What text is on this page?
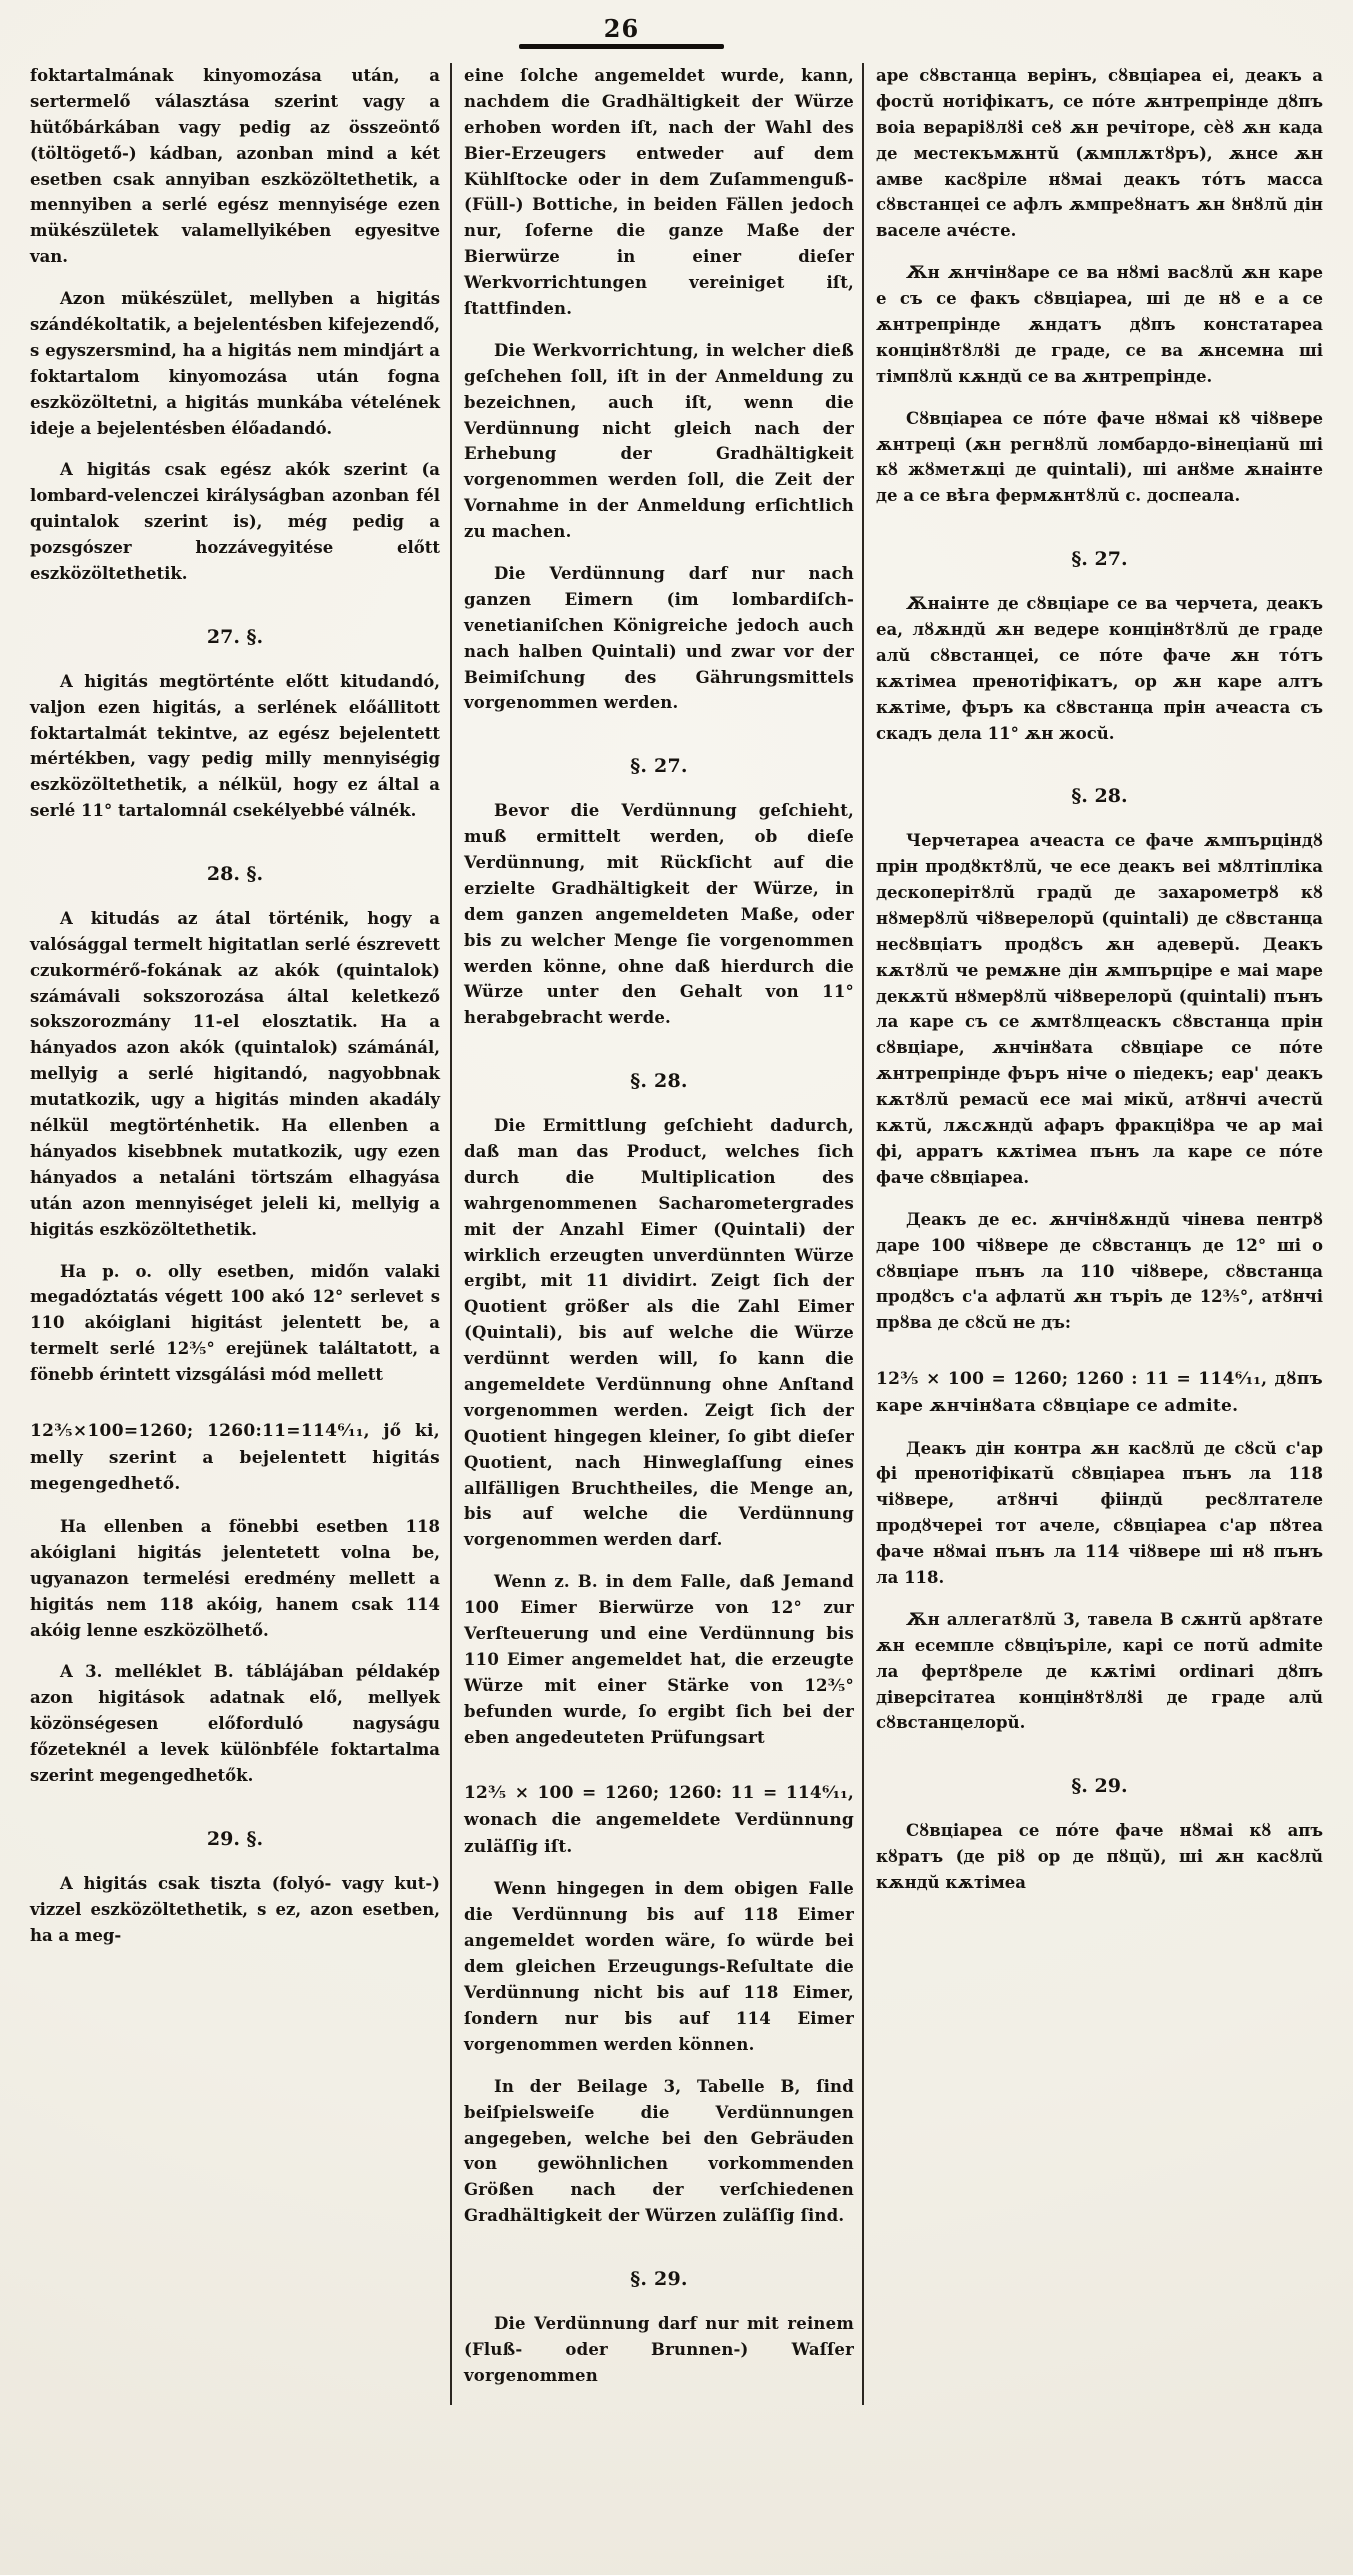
26

foktartalmának kinyomozása után, a sertermelő választása szerint vagy a hütőbárkában vagy pedig az összeöntő (töltögető-) kádban, azonban mind a két esetben csak annyiban eszközöltethetik, a mennyiben a serlé egész mennyisége ezen mükészületek valamellyikében egyesitve van.

Azon mükészület, mellyben a higitás szándékoltatik, a bejelentésben kifejezendő, s egyszersmind, ha a higitás nem mindjárt a foktartalom kinyomozása után fogna eszközöltetni, a higitás munkába vételének ideje a bejelentésben élőadandó.

A higitás csak egész akók szerint (a lombard-velenczei királyságban azonban fél quintalok szerint is), még pedig a pozsgószer hozzávegyitése előtt eszközöltethetik.

27. §.

A higitás megtörténte előtt kitudandó, valjon ezen higitás, a serlének előállitott foktartalmát tekintve, az egész bejelentett mértékben, vagy pedig milly mennyiségig eszközöltethetik, a nélkül, hogy ez által a serlé 11° tartalomnál csekélyebbé válnék.

28. §.

A kitudás az átal történik, hogy a valósággal termelt higitatlan serlé észrevett czukormérő-fokának az akók (quintalok) számávali sokszorozása által keletkező sokszorozmány 11-el elosztatik. Ha a hányados azon akók (quintalok) számánál, mellyig a serlé higitandó, nagyobbnak mutatkozik, ugy a higitás minden akadály nélkül megtörténhetik. Ha ellenben a hányados kisebbnek mutatkozik, ugy ezen hányados a netaláni törtszám elhagyása után azon mennyiséget jeleli ki, mellyig a higitás eszközöltethetik.

Ha p. o. olly esetben, midőn valaki megadóztatás végett 100 akó 12° serlevet s 110 akóiglani higitást jelentett be, a termelt serlé 12³⁄₅° erejünek találtatott, a fönebb érintett vizsgálási mód mellett

12³⁄₅×100=1260; 1260:11=114⁶⁄₁₁, jő ki, melly szerint a bejelentett higitás megengedhető.

Ha ellenben a fönebbi esetben 118 akóiglani higitás jelentetett volna be, ugyanazon termelési eredmény mellett a higitás nem 118 akóig, hanem csak 114 akóig lenne eszközölhető.

A 3. melléklet B. táblájában példakép azon higitások adatnak elő, mellyek közönségesen előforduló nagyságu főzeteknél a levek különbféle foktartalma szerint megengedhetők.

29. §.

A higitás csak tiszta (folyó- vagy kut-) vizzel eszközöltethetik, s ez, azon esetben, ha a meg-

eine ſolche angemeldet wurde, kann, nachdem die Gradhältigkeit der Würze erhoben worden iſt, nach der Wahl des Bier-Erzeugers entweder auf dem Kühlſtocke oder in dem Zuſammenguß- (Füll-) Bottiche, in beiden Fällen jedoch nur, ſoferne die ganze Maße der Bierwürze in einer dieſer Werkvorrichtungen vereiniget iſt, ſtattfinden.

Die Werkvorrichtung, in welcher dieß geſchehen ſoll, iſt in der Anmeldung zu bezeichnen, auch iſt, wenn die Verdünnung nicht gleich nach der Erhebung der Gradhältigkeit vorgenommen werden ſoll, die Zeit der Vornahme in der Anmeldung erſichtlich zu machen.

Die Verdünnung darf nur nach ganzen Eimern (im lombardiſch-venetianiſchen Königreiche jedoch auch nach halben Quintali) und zwar vor der Beimiſchung des Gährungsmittels vorgenommen werden.

§. 27.

Bevor die Verdünnung geſchieht, muß ermittelt werden, ob dieſe Verdünnung, mit Rückſicht auf die erzielte Gradhältigkeit der Würze, in dem ganzen angemeldeten Maße, oder bis zu welcher Menge ſie vorgenommen werden könne, ohne daß hierdurch die Würze unter den Gehalt von 11° herabgebracht werde.

§. 28.

Die Ermittlung geſchieht dadurch, daß man das Product, welches ſich durch die Multiplication des wahrgenommenen Sacharometergrades mit der Anzahl Eimer (Quintali) der wirklich erzeugten unverdünnten Würze ergibt, mit 11 dividirt. Zeigt ſich der Quotient größer als die Zahl Eimer (Quintali), bis auf welche die Würze verdünnt werden will, ſo kann die angemeldete Verdünnung ohne Anſtand vorgenommen werden. Zeigt ſich der Quotient hingegen kleiner, ſo gibt dieſer Quotient, nach Hinweglaſſung eines allfälligen Bruchtheiles, die Menge an, bis auf welche die Verdünnung vorgenommen werden darf.

Wenn z. B. in dem Falle, daß Jemand 100 Eimer Bierwürze von 12° zur Verſteuerung und eine Verdünnung bis 110 Eimer angemeldet hat, die erzeugte Würze mit einer Stärke von 12³⁄₅° befunden wurde, ſo ergibt ſich bei der eben angedeuteten Prüfungsart

12³⁄₅ × 100 = 1260; 1260: 11 = 114⁶⁄₁₁, wonach die angemeldete Verdünnung zuläſſig iſt.

Wenn hingegen in dem obigen Falle die Verdünnung bis auf 118 Eimer angemeldet worden wäre, ſo würde bei dem gleichen Erzeugungs-Reſultate die Verdünnung nicht bis auf 118 Eimer, ſondern nur bis auf 114 Eimer vorgenommen werden können.

In der Beilage 3, Tabelle B, ſind beiſpielsweiſe die Verdünnungen angegeben, welche bei den Gebräuden von gewöhnlichen vorkommenden Größen nach der verſchiedenen Gradhältigkeit der Würzen zuläſſig ſind.

§. 29.

Die Verdünnung darf nur mit reinem (Fluß- oder Brunnen-) Waſſer vorgenommen

аре сȣвстанца верінъ, сȣвціареа еі, деакъ а фостŭ нотіфікатъ, се пóте ѫнтрепрінде дȣпъ воіа вераріȣлȣі сеȣ ѫн речіторе, сѐȣ ѫн када де местекъмѫнтŭ (ѫмплѫтȣръ), ѫнсе ѫн амве касȣріле нȣмаі деакъ тóтъ масса сȣвстанцеі се афлъ ѫмпреȣнатъ ѫн ȣнȣлŭ дін васеле ачéсте.

Ѫн ѫнчінȣаре се ва нȣмі васȣлŭ ѫн каре е съ се факъ сȣвціареа, ші де нȣ е а се ѫнтрепрінде ѫндатъ дȣпъ констатареа концінȣтȣлȣі де граде, се ва ѫнсемна ші тімпȣлŭ кѫндŭ се ва ѫнтрепрінде.

Сȣвціареа се пóте фаче нȣмаі кȣ чіȣвере ѫнтреці (ѫн регнȣлŭ ломбардо-вінеціанŭ ші кȣ жȣметѫці де quintali), ші анȣме ѫнаінте де а се вѣга фермѫнтȣлŭ с. доспеала.

§. 27.

Ѫнаінте де сȣвціаре се ва черчета, деакъ еа, лȣѫндŭ ѫн ведере концінȣтȣлŭ де граде алŭ сȣвстанцеі, се пóте фаче ѫн тóтъ кѫтімеа пренотіфікатъ, ор ѫн каре алтъ кѫтіме, фъръ ка сȣвстанца прін ачеаста съ скадъ дела 11° ѫн жосŭ.

§. 28.

Черчетареа ачеаста се фаче ѫмпърціндȣ прін продȣктȣлŭ, че есе деакъ веі мȣлтіпліка дескоперітȣлŭ градŭ де захарометрȣ кȣ нȣмерȣлŭ чіȣверелорŭ (quintali) де сȣвстанца несȣвціатъ продȣсъ ѫн адеверŭ. Деакъ кѫтȣлŭ че ремѫне дін ѫмпърціре е маі маре декѫтŭ нȣмерȣлŭ чіȣверелорŭ (quintali) пънъ ла каре съ се ѫмтȣлцеаскъ сȣвстанца прін сȣвціаре, ѫнчінȣата сȣвціаре се пóте ѫнтрепрінде фъръ ніче о піедекъ; еар' деакъ кѫтȣлŭ ремасŭ есе маі мікŭ, атȣнчі ачестŭ кѫтŭ, лѫсѫндŭ афаръ фракціȣра че ар маі фі, арратъ кѫтімеа пънъ ла каре се пóте фаче сȣвціареа.

Деакъ де ес. ѫнчінȣѫндŭ чінева пентрȣ даре 100 чіȣвере де сȣвстанцъ де 12° ші о сȣвціаре пънъ ла 110 чіȣвере, сȣвстанца продȣсъ с'а афлатŭ ѫн търіъ де 12³⁄₅°, атȣнчі прȣва де сȣсŭ не дъ:

12³⁄₅ × 100 = 1260; 1260 : 11 = 114⁶⁄₁₁, дȣпъ каре ѫнчінȣата сȣвціаре се admite.

Деакъ дін контра ѫн касȣлŭ де сȣсŭ с'ар фі пренотіфікатŭ сȣвціареа пънъ ла 118 чіȣвере, атȣнчі фііндŭ ресȣлтателе продȣчереі тот ачеле, сȣвціареа с'ар пȣтеа фаче нȣмаі пънъ ла 114 чіȣвере ші нȣ пънъ ла 118.

Ѫн аллегатȣлŭ 3, тавела B сѫнтŭ арȣтате ѫн есемпле сȣвціъріле, карі се потŭ admite ла фертȣреле де кѫтімі ordinari дȣпъ діверсітатеа концінȣтȣлȣі де граде алŭ сȣвстанцелорŭ.

§. 29.

Сȣвціареа се пóте фаче нȣмаі кȣ апъ кȣратъ (де ріȣ ор де пȣцŭ), ші ѫн касȣлŭ кѫндŭ кѫтімеа
